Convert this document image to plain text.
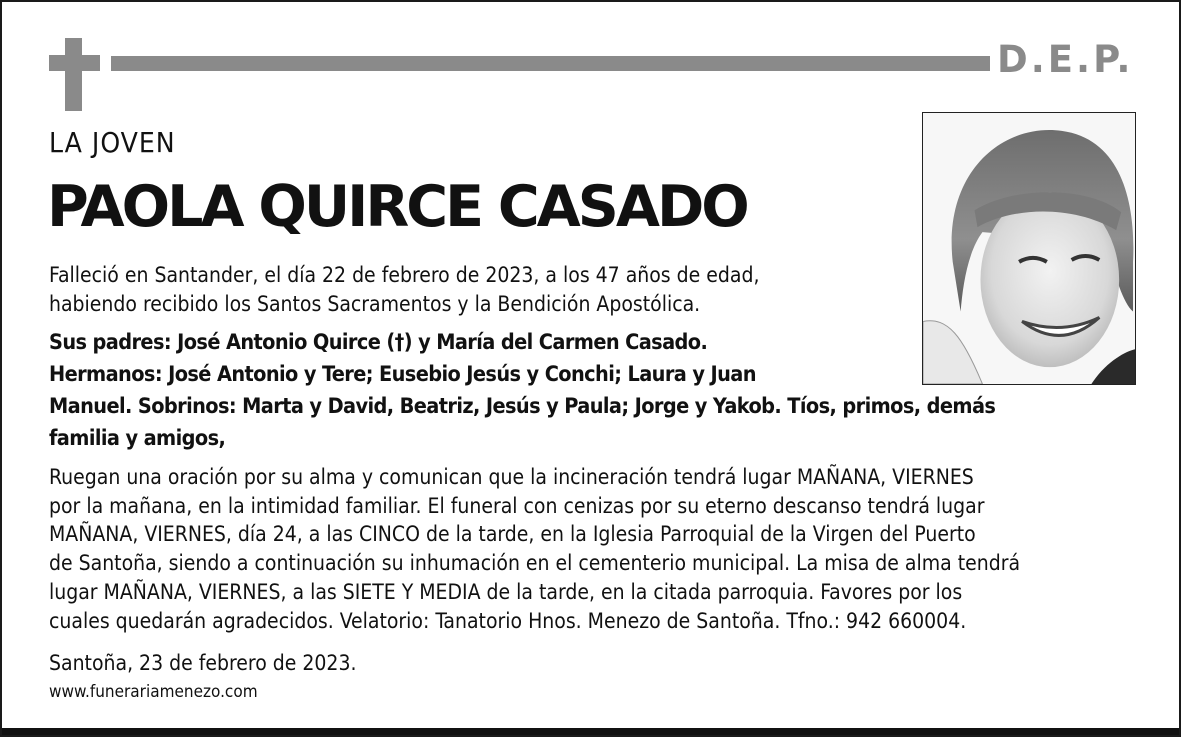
D.E.P.
LA JOVEN
PAOLA QUIRCE CASADO
Falleció en Santander, el día 22 de febrero de 2023, a los 47 años de edad,
habiendo recibido los Santos Sacramentos y la Bendición Apostólica.
Sus padres: José Antonio Quirce (†) y María del Carmen Casado.
Hermanos: José Antonio y Tere; Eusebio Jesús y Conchi; Laura y Juan
Manuel. Sobrinos: Marta y David, Beatriz, Jesús y Paula; Jorge y Yakob. Tíos, primos, demás
familia y amigos,
Ruegan una oración por su alma y comunican que la incineración tendrá lugar MAÑANA, VIERNES
por la mañana, en la intimidad familiar. El funeral con cenizas por su eterno descanso tendrá lugar
MAÑANA, VIERNES, día 24, a las CINCO de la tarde, en la Iglesia Parroquial de la Virgen del Puerto
de Santoña, siendo a continuación su inhumación en el cementerio municipal. La misa de alma tendrá
lugar MAÑANA, VIERNES, a las SIETE Y MEDIA de la tarde, en la citada parroquia. Favores por los
cuales quedarán agradecidos. Velatorio: Tanatorio Hnos. Menezo de Santoña. Tfno.: 942 660004.
Santoña, 23 de febrero de 2023.
www.funerariamenezo.com
